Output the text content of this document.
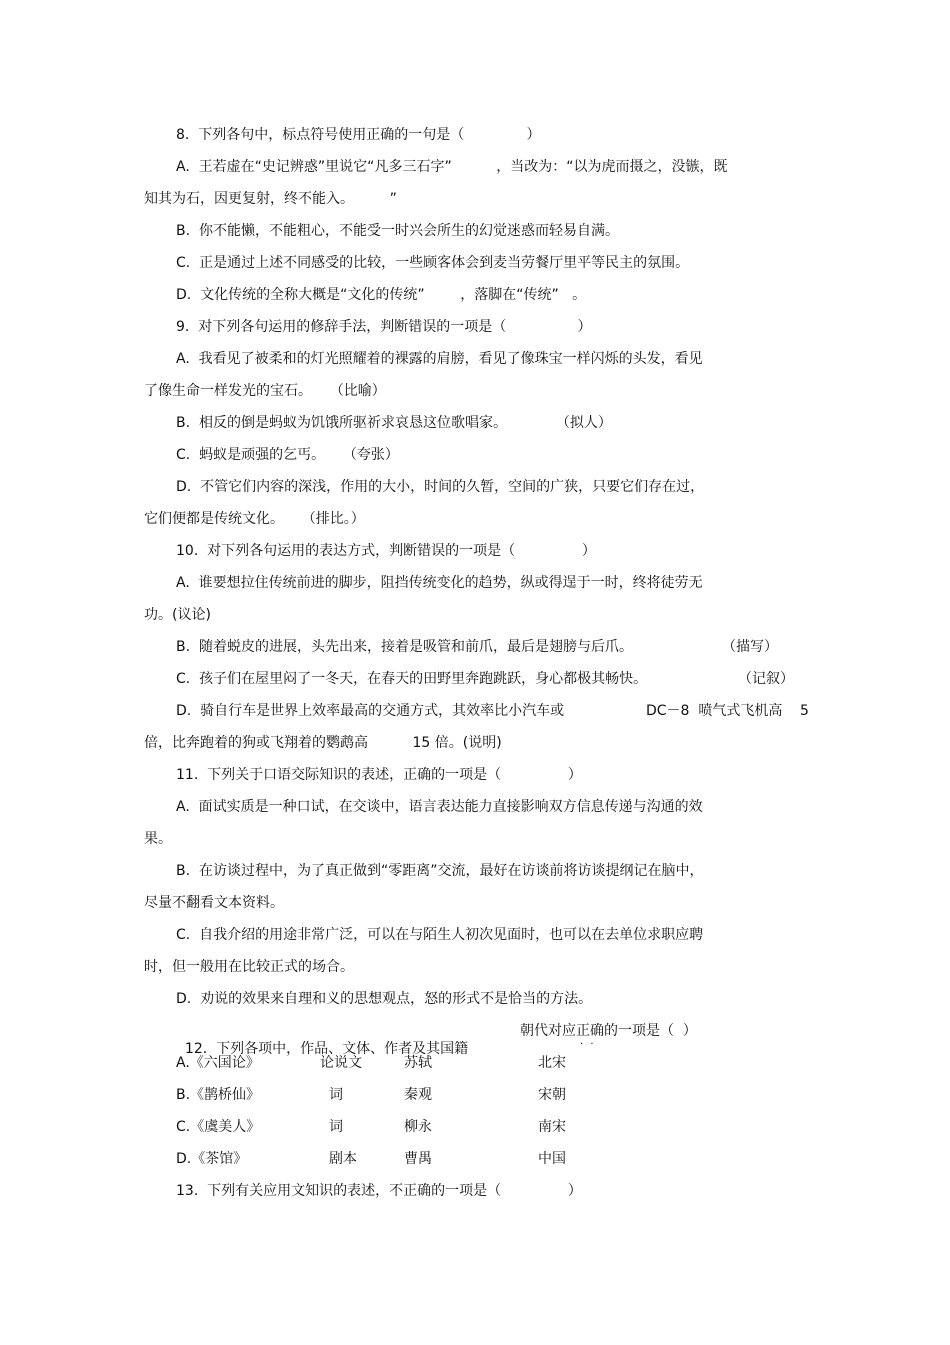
8.  下列各句中，标点符号使用正确的一句是（              ）
A.  王若虚在“史记辨惑”里说它“凡多三石字”          ，当改为：“以为虎而摄之，没镞，既
知其为石，因更复射，终不能入。        ”
B.  你不能懒，不能粗心，不能受一时兴会所生的幻觉迷惑而轻易自满。
C.  正是通过上述不同感受的比较，一些顾客体会到麦当劳餐厅里平等民主的氛围。
D.  文化传统的全称大概是“文化的传统”        ，落脚在“传统”   。
9.  对下列各句运用的修辞手法，判断错误的一项是（                ）
A.  我看见了被柔和的灯光照耀着的裸露的肩膀，看见了像珠宝一样闪烁的头发，看见
了像生命一样发光的宝石。    （比喻）
B.  相反的倒是蚂蚁为饥饿所驱祈求哀恳这位歌唱家。           （拟人）
C.  蚂蚁是顽强的乞丐。    （夸张）
D.  不管它们内容的深浅，作用的大小，时间的久暂，空间的广狭，只要它们存在过，
它们便都是传统文化。    （排比。）
10.  对下列各句运用的表达方式，判断错误的一项是（               ）
A.  谁要想拉住传统前进的脚步，阻挡传统变化的趋势，纵或得逞于一时，终将徒劳无
功。(议论)
B.  随着蜕皮的进展，头先出来，接着是吸管和前爪，最后是翅膀与后爪。	（描写）
C.  孩子们在屋里闷了一冬天，在春天的田野里奔跑跳跃，身心都极其畅快。	（记叙）
D.  骑自行车是世界上效率最高的交通方式，其效率比小汽车或	DC－8  喷气式飞机高 5
倍，比奔跑着的狗或飞翔着的鹦鹉高          15 倍。(说明)
11.  下列关于口语交际知识的表述，正确的一项是（               ）
A.  面试实质是一种口试，在交谈中，语言表达能力直接影响双方信息传递与沟通的效
果。
B.  在访谈过程中，为了真正做到“零距离”交流，最好在访谈前将访谈提纲记在脑中，
尽量不翻看文本资料。
C.  自我介绍的用途非常广泛，可以在与陌生人初次见面时，也可以在去单位求职应聘
时，但一般用在比较正式的场合。
D.  劝说的效果来自理和义的思想观点，怒的形式不是恰当的方法。

12.  下列各项中，作品、文体、作者及其国籍

朝代对应正确 · ·的一项是（  ）
A.《六国论》	论说文	苏轼	北宋
B.《鹊桥仙》	词	秦观	宋朝
C.《虞美人》	词	柳永	南宋
D.《茶馆》	剧本	曹禺	中国
13.  下列有关应用文知识的表述，不正确的一项是（               ）
